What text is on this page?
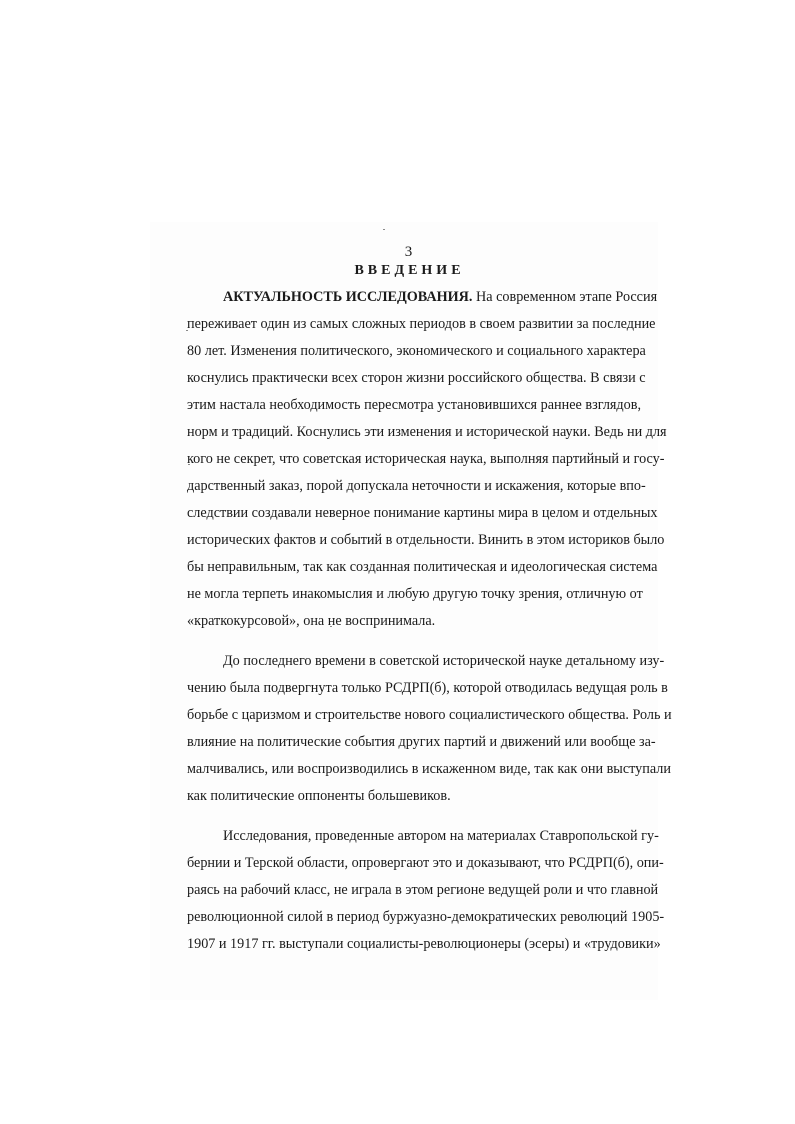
3
ВВЕДЕНИЕ
АКТУАЛЬНОСТЬ ИССЛЕДОВАНИЯ. На современном этапе Россия
переживает один из самых сложных периодов в своем развитии за последние
80 лет. Изменения политического, экономического и социального характера
коснулись практически всех сторон жизни российского общества. В связи с
этим настала необходимость пересмотра установившихся раннее взглядов,
норм и традиций. Коснулись эти изменения и исторической науки. Ведь ни для
кого не секрет, что советская историческая наука, выполняя партийный и госу-
дарственный заказ, порой допускала неточности и искажения, которые впо-
следствии создавали неверное понимание картины мира в целом и отдельных
исторических фактов и событий в отдельности. Винить в этом историков было
бы неправильным, так как созданная политическая и идеологическая система
не могла терпеть инакомыслия и любую другую точку зрения, отличную от
«краткокурсовой», она не воспринимала.
До последнего времени в советской исторической науке детальному изу-
чению была подвергнута только РСДРП(б), которой отводилась ведущая роль в
борьбе с царизмом и строительстве нового социалистического общества. Роль и
влияние на политические события других партий и движений или вообще за-
малчивались, или воспроизводились в искаженном виде, так как они выступали
как политические оппоненты большевиков.
Исследования, проведенные автором на материалах Ставропольской гу-
бернии и Терской области, опровергают это и доказывают, что РСДРП(б), опи-
раясь на рабочий класс, не играла в этом регионе ведущей роли и что главной
революционной силой в период буржуазно-демократических революций 1905-
1907 и 1917 гг. выступали социалисты-революционеры (эсеры) и «трудовики»
